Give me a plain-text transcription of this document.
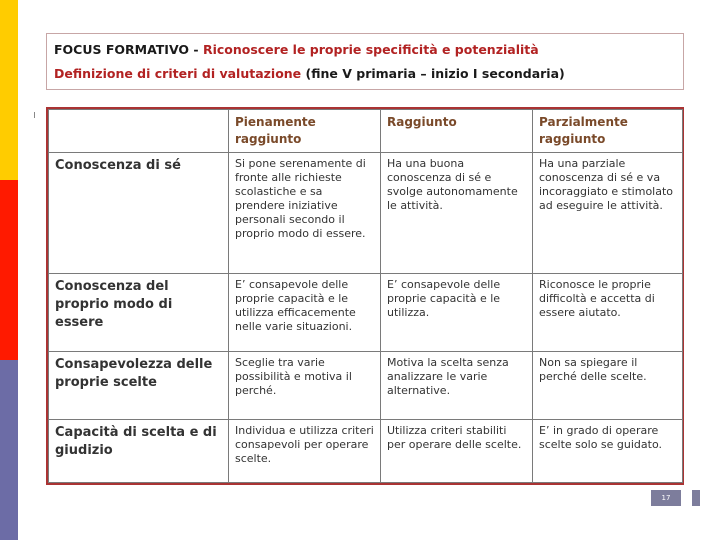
FOCUS FORMATIVO - Riconoscere le proprie specificità e potenzialità
Definizione di criteri di valutazione (fine V primaria – inizio I secondaria)
	Pienamente raggiunto	Raggiunto	Parzialmente raggiunto
Conoscenza di sé	Si pone serenamente di fronte alle richieste scolastiche e sa prendere iniziative personali secondo il proprio modo di essere.	Ha una buona conoscenza di sé e svolge autonomamente le attività.	Ha una parziale conoscenza di sé e va incoraggiato e stimolato ad eseguire le attività.
Conoscenza del proprio modo di essere	E’ consapevole delle proprie capacità e le utilizza efficacemente nelle varie situazioni.	E’ consapevole delle proprie capacità e le utilizza.	Riconosce le proprie difficoltà e accetta di essere aiutato.
Consapevolezza delle proprie scelte	Sceglie tra varie possibilità e motiva il perché.	Motiva la scelta senza analizzare le varie alternative.	Non sa spiegare il perché delle scelte.
Capacità di scelta e di giudizio	Individua e utilizza criteri consapevoli per operare scelte.	Utilizza criteri stabiliti per operare delle scelte.	E’ in grado di operare scelte solo se guidato.
17
